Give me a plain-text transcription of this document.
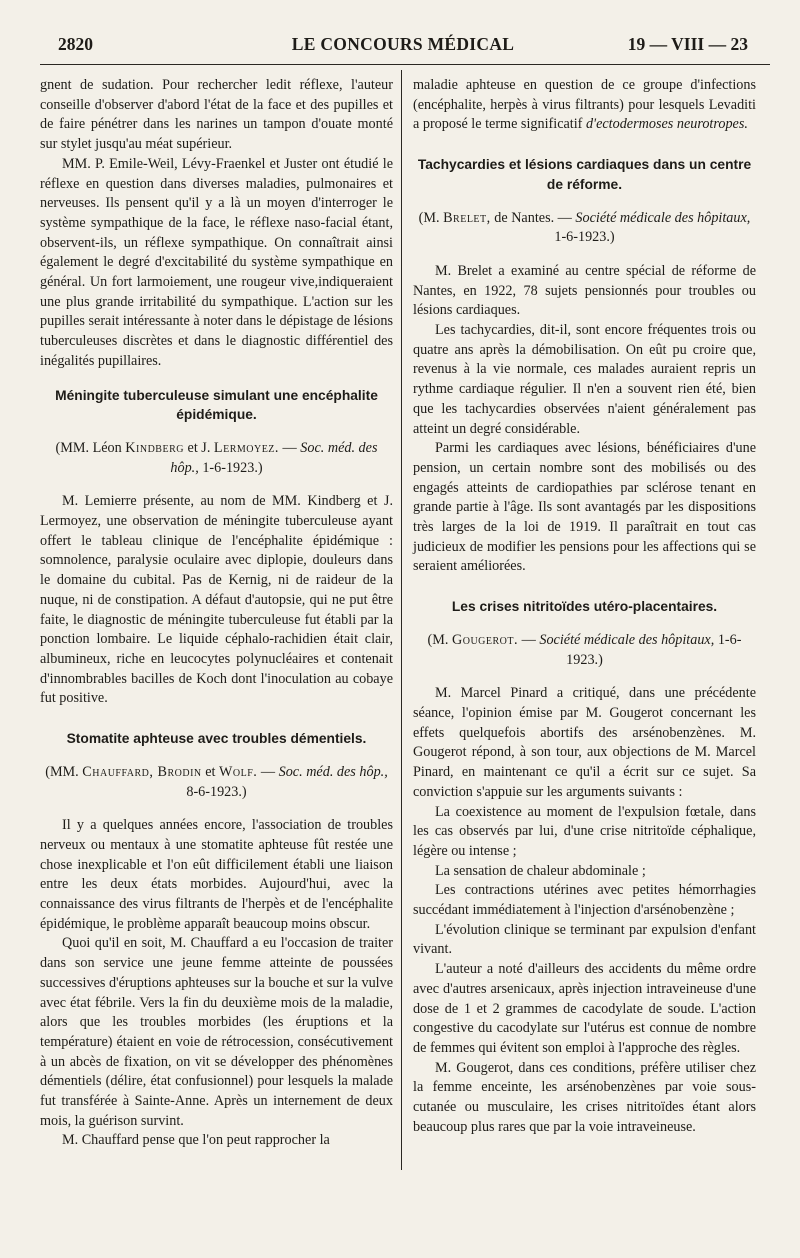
2820	LE CONCOURS MÉDICAL	19 — VIII — 23

gnent de sudation. Pour rechercher ledit réflexe, l'auteur conseille d'observer d'abord l'état de la face et des pupilles et de faire pénétrer dans les narines un tampon d'ouate monté sur stylet jusqu'au méat supérieur.

MM. P. Emile-Weil, Lévy-Fraenkel et Juster ont étudié le réflexe en question dans diverses maladies, pulmonaires et nerveuses. Ils pensent qu'il y a là un moyen d'interroger le système sympathique de la face, le réflexe naso-facial étant, observent-ils, un réflexe sympathique. On connaîtrait ainsi également le degré d'excitabilité du système sympathique en général. Un fort larmoiement, une rougeur vive,indiqueraient une plus grande irritabilité du sympathique. L'action sur les pupilles serait intéressante à noter dans le dépistage de lésions tuberculeuses discrètes et dans le diagnostic différentiel des inégalités pupillaires.

Méningite tuberculeuse simulant une encéphalite épidémique.

(MM. Léon Kindberg et J. Lermoyez. — Soc. méd. des hôp., 1-6-1923.)

M. Lemierre présente, au nom de MM. Kindberg et J. Lermoyez, une observation de méningite tuberculeuse ayant offert le tableau clinique de l'encéphalite épidémique : somnolence, paralysie oculaire avec diplopie, douleurs dans le domaine du cubital. Pas de Kernig, ni de raideur de la nuque, ni de constipation. A défaut d'autopsie, qui ne put être faite, le diagnostic de méningite tuberculeuse fut établi par la ponction lombaire. Le liquide céphalo-rachidien était clair, albumineux, riche en leucocytes polynucléaires et contenait d'innombrables bacilles de Koch dont l'inoculation au cobaye fut positive.

Stomatite aphteuse avec troubles démentiels.

(MM. Chauffard, Brodin et Wolf. — Soc. méd. des hôp., 8-6-1923.)

Il y a quelques années encore, l'association de troubles nerveux ou mentaux à une stomatite aphteuse fût restée une chose inexplicable et l'on eût difficilement établi une liaison entre les deux états morbides. Aujourd'hui, avec la connaissance des virus filtrants de l'herpès et de l'encéphalite épidémique, le problème apparaît beaucoup moins obscur.

Quoi qu'il en soit, M. Chauffard a eu l'occasion de traiter dans son service une jeune femme atteinte de poussées successives d'éruptions aphteuses sur la bouche et sur la vulve avec état fébrile. Vers la fin du deuxième mois de la maladie, alors que les troubles morbides (les éruptions et la température) étaient en voie de rétrocession, consécutivement à un abcès de fixation, on vit se développer des phénomènes démentiels (délire, état confusionnel) pour lesquels la malade fut transférée à Sainte-Anne. Après un internement de deux mois, la guérison survint.

M. Chauffard pense que l'on peut rapprocher la

maladie aphteuse en question de ce groupe d'infections (encéphalite, herpès à virus filtrants) pour lesquels Levaditi a proposé le terme significatif d'ectodermoses neurotropes.

Tachycardies et lésions cardiaques dans un centre de réforme.

(M. Brelet, de Nantes. — Société médicale des hôpitaux, 1-6-1923.)

M. Brelet a examiné au centre spécial de réforme de Nantes, en 1922, 78 sujets pensionnés pour troubles ou lésions cardiaques.

Les tachycardies, dit-il, sont encore fréquentes trois ou quatre ans après la démobilisation. On eût pu croire que, revenus à la vie normale, ces malades auraient repris un rythme cardiaque régulier. Il n'en a souvent rien été, bien que les tachycardies observées n'aient généralement pas atteint un degré considérable.

Parmi les cardiaques avec lésions, bénéficiaires d'une pension, un certain nombre sont des mobilisés ou des engagés atteints de cardiopathies par sclérose tenant en grande partie à l'âge. Ils sont avantagés par les dispositions très larges de la loi de 1919. Il paraîtrait en tout cas judicieux de modifier les pensions pour les affections qui se seraient améliorées.

Les crises nitritoïdes utéro-placentaires.

(M. Gougerot. — Société médicale des hôpitaux, 1-6-1923.)

M. Marcel Pinard a critiqué, dans une précédente séance, l'opinion émise par M. Gougerot concernant les effets quelquefois abortifs des arsénobenzènes. M. Gougerot répond, à son tour, aux objections de M. Marcel Pinard, en maintenant ce qu'il a écrit sur ce sujet. Sa conviction s'appuie sur les arguments suivants :

La coexistence au moment de l'expulsion fœtale, dans les cas observés par lui, d'une crise nitritoïde céphalique, légère ou intense ;

La sensation de chaleur abdominale ;

Les contractions utérines avec petites hémorrhagies succédant immédiatement à l'injection d'arsénobenzène ;

L'évolution clinique se terminant par expulsion d'enfant vivant.

L'auteur a noté d'ailleurs des accidents du même ordre avec d'autres arsenicaux, après injection intraveineuse d'une dose de 1 et 2 grammes de cacodylate de soude. L'action congestive du cacodylate sur l'utérus est connue de nombre de femmes qui évitent son emploi à l'approche des règles.

M. Gougerot, dans ces conditions, préfère utiliser chez la femme enceinte, les arsénobenzènes par voie sous-cutanée ou musculaire, les crises nitritoïdes étant alors beaucoup plus rares que par la voie intraveineuse.
